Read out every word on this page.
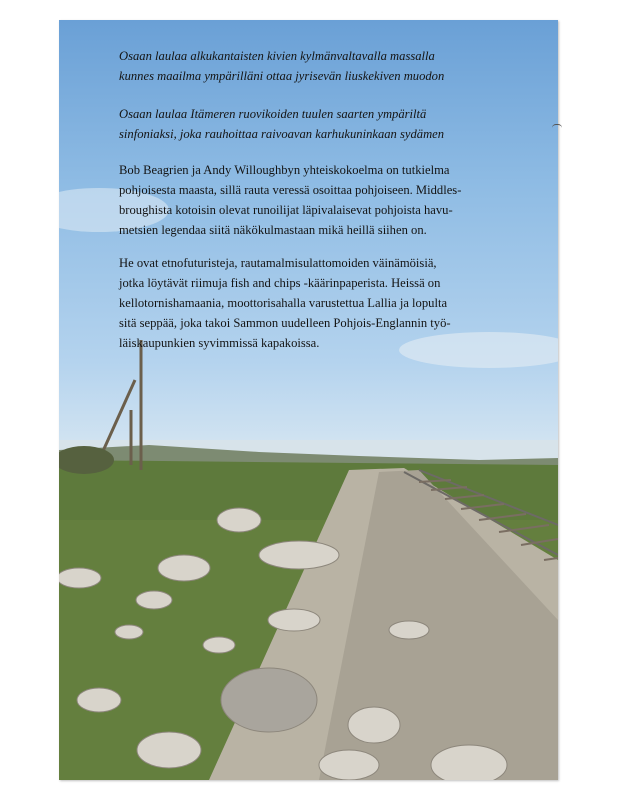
Osaan laulaa alkukantaisten kivien kylmänvaltavalla massalla
kunnes maailma ympärilläni ottaa jyrisevän liuskekiven muodon
Osaan laulaa Itämeren ruovikoiden tuulen saarten ympäriltä
sinfoniaksi, joka rauhoittaa raivoavan karhukuninkaan sydämen
Bob Beagrien ja Andy Willoughbyn yhteiskokoelma on tutkielma
pohjoisesta maasta, sillä rauta veressä osoittaa pohjoiseen. Middles-
broughista kotoisin olevat runoilijat läpivalaisevat pohjoista havu-
metsien legendaa siitä näkökulmastaan mikä heillä siihen on.
He ovat etnofuturisteja, rautamalmisulattomoiden väinämöisiä,
jotka löytävät riimuja fish and chips -käärinpaperista. Heissä on
kellotornishamaania, moottorisahalla varustettua Lallia ja lopulta
sitä seppää, joka takoi Sammon uudelleen Pohjois-Englannin työ-
läiskaupunkien syvimmissä kapakoissa.
